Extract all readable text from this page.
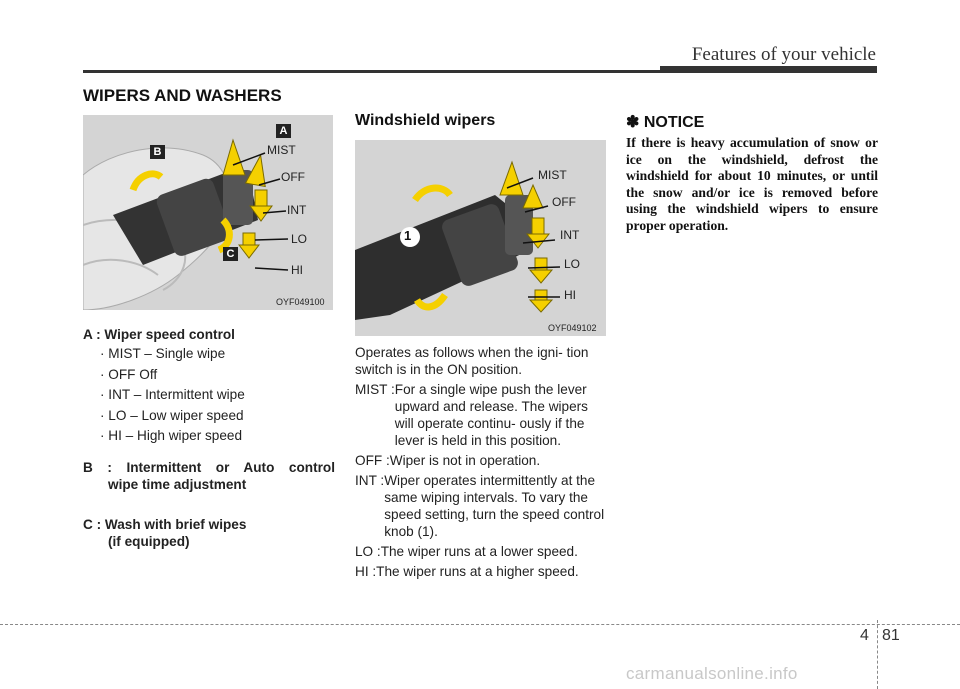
Features of your vehicle
WIPERS AND WASHERS
A
B
C
MIST
OFF
INT
LO
HI
OYF049100
A : Wiper speed control
· MIST – Single wipe
· OFF Off
· INT – Intermittent wipe
· LO – Low wiper speed
· HI – High wiper speed
B : Intermittent or Auto control
wipe time adjustment
C : Wash with brief wipes
(if equipped)
Windshield wipers
1
MIST
OFF
INT
LO
HI
OYF049102

Operates as follows when the igni- tion switch is in the ON position.

MIST : For a single wipe push the lever upward and release. The wipers will operate continu- ously if the lever is held in this position.
OFF : Wiper is not in operation.
INT : Wiper operates intermittently at the same wiping intervals. To vary the speed setting, turn the speed control knob (1).
LO : The wiper runs at a lower speed.
HI : The wiper runs at a higher speed.
✽ NOTICE
If there is heavy accumulation of snow or ice on the windshield, defrost the windshield for about 10 minutes, or until the snow and/or ice is removed before using the windshield wipers to ensure proper operation.
4 81
carmanualsonline.info
